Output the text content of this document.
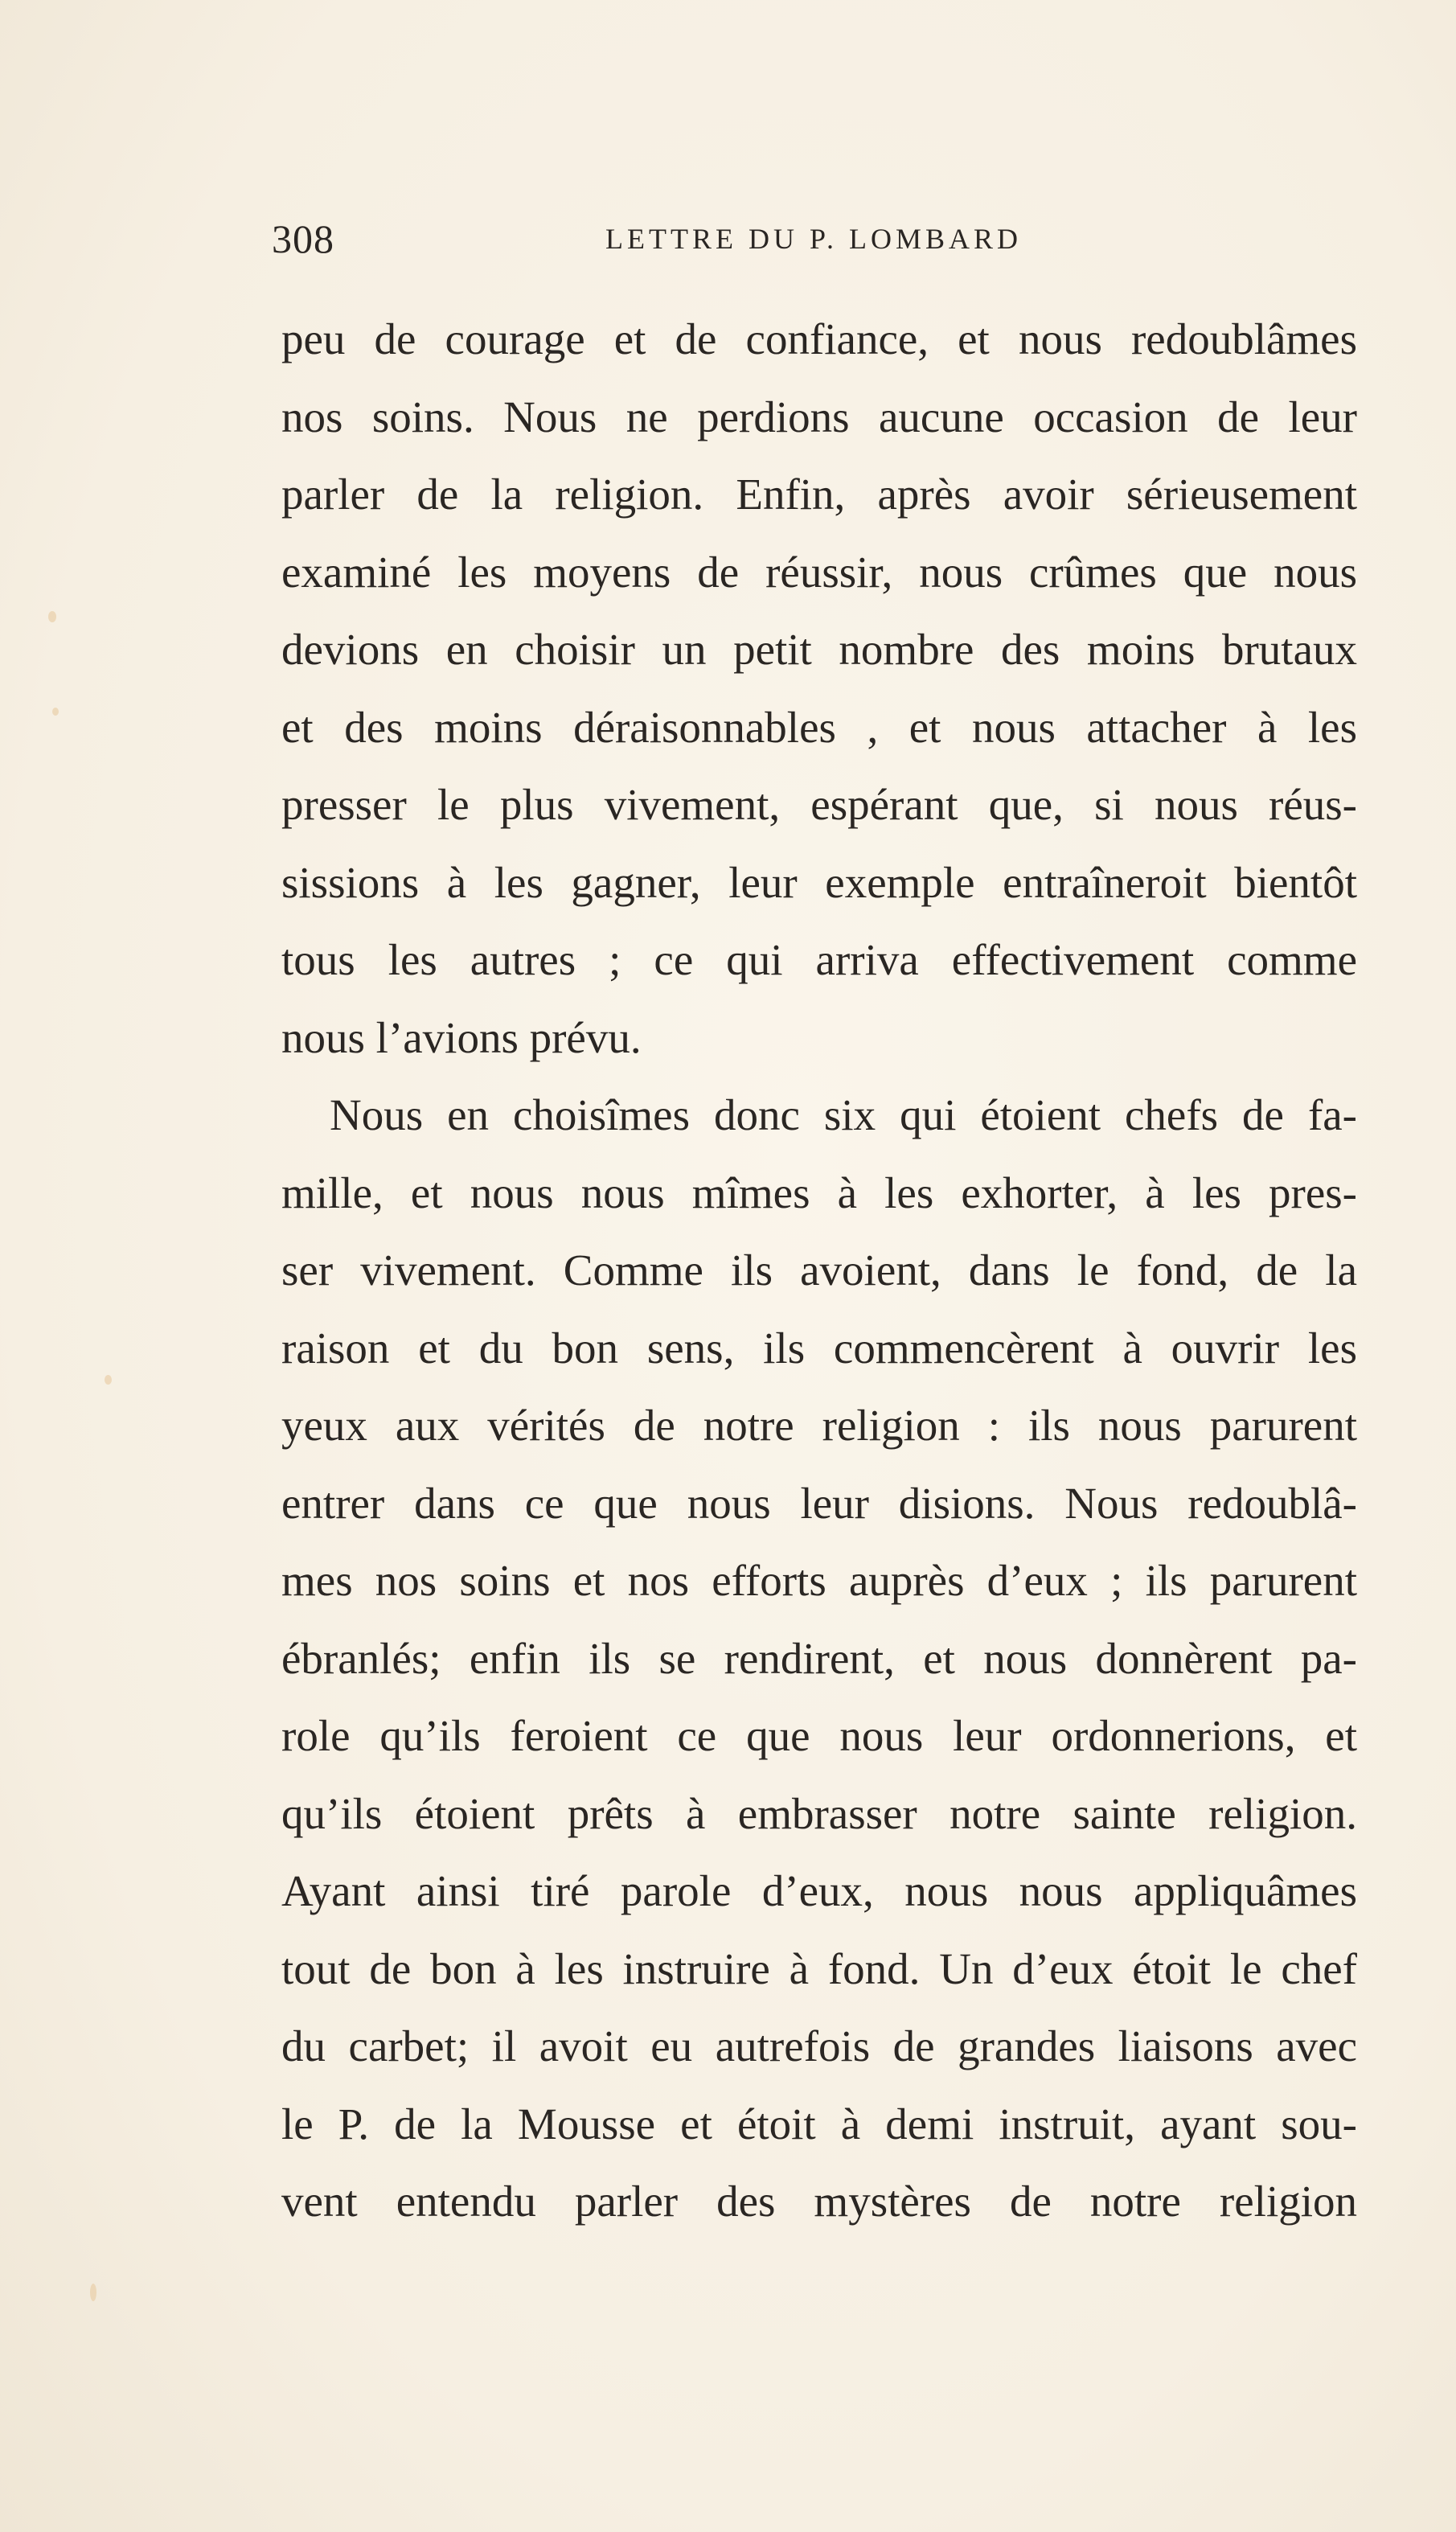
308	LETTRE DU P. LOMBARD
peu de courage et de confiance, et nous redoublâmes
nos soins. Nous ne perdions aucune occasion de leur
parler de la religion. Enfin, après avoir sérieusement
examiné les moyens de réussir, nous crûmes que nous
devions en choisir un petit nombre des moins brutaux
et des moins déraisonnables , et nous attacher à les
presser le plus vivement, espérant que, si nous réus-
sissions à les gagner, leur exemple entraîneroit bientôt
tous les autres ; ce qui arriva effectivement comme
nous l’avions prévu.
Nous en choisîmes donc six qui étoient chefs de fa-
mille, et nous nous mîmes à les exhorter, à les pres-
ser vivement. Comme ils avoient, dans le fond, de la
raison et du bon sens, ils commencèrent à ouvrir les
yeux aux vérités de notre religion : ils nous parurent
entrer dans ce que nous leur disions. Nous redoublâ-
mes nos soins et nos efforts auprès d’eux ; ils parurent
ébranlés; enfin ils se rendirent, et nous donnèrent pa-
role qu’ils feroient ce que nous leur ordonnerions, et
qu’ils étoient prêts à embrasser notre sainte religion.
Ayant ainsi tiré parole d’eux, nous nous appliquâmes
tout de bon à les instruire à fond. Un d’eux étoit le chef
du carbet; il avoit eu autrefois de grandes liaisons avec
le P. de la Mousse et étoit à demi instruit, ayant sou-
vent entendu parler des mystères de notre religion
